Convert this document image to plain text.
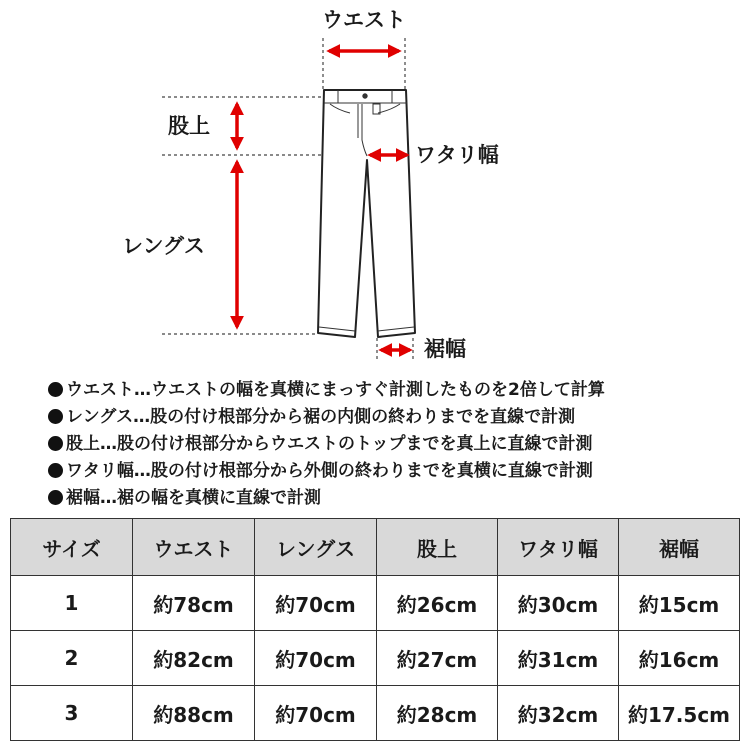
ウエスト
股上
ワタリ幅
レングス
裾幅
ウエスト…ウエストの幅を真横にまっすぐ計測したものを2倍して計算
レングス…股の付け根部分から裾の内側の終わりまでを直線で計測
股上…股の付け根部分からウエストのトップまでを真上に直線で計測
ワタリ幅…股の付け根部分から外側の終わりまでを真横に直線で計測
裾幅…裾の幅を真横に直線で計測
サイズ	ウエスト	レングス	股上	ワタリ幅	裾幅
1	約78cm	約70cm	約26cm	約30cm	約15cm
2	約82cm	約70cm	約27cm	約31cm	約16cm
3	約88cm	約70cm	約28cm	約32cm	約17.5cm
